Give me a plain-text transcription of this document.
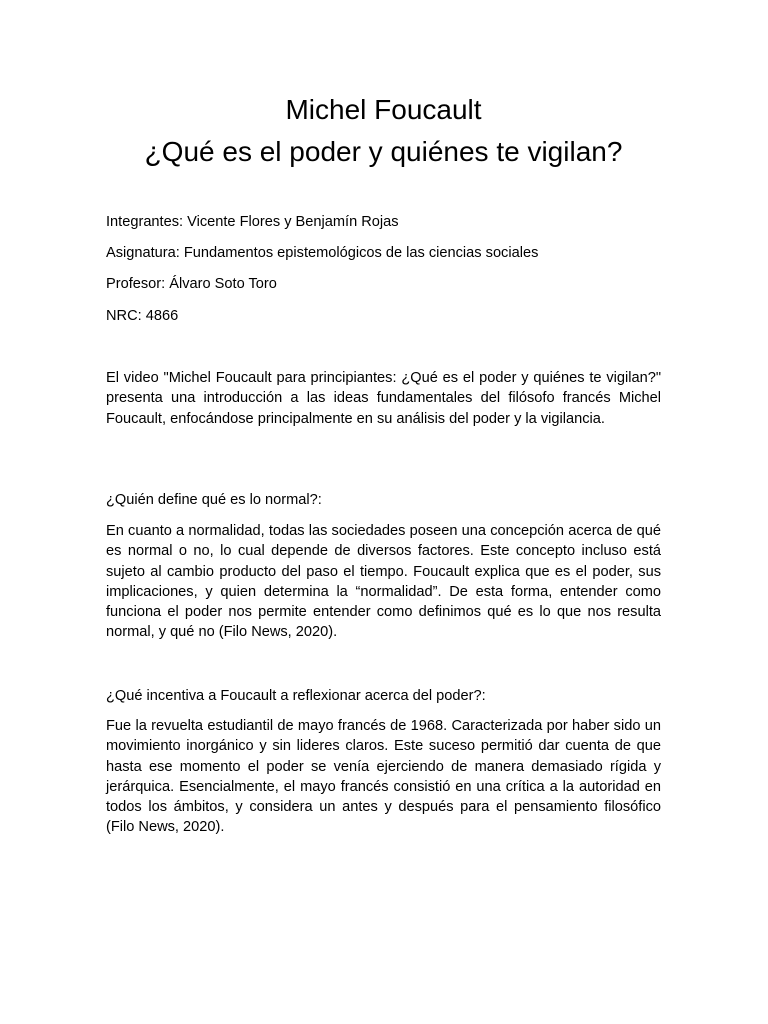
Michel Foucault
¿Qué es el poder y quiénes te vigilan?
Integrantes: Vicente Flores y Benjamín Rojas
Asignatura: Fundamentos epistemológicos de las ciencias sociales
Profesor: Álvaro Soto Toro
NRC: 4866

El video "Michel Foucault para principiantes: ¿Qué es el poder y quiénes te vigilan?" presenta una introducción a las ideas fundamentales del filósofo francés Michel Foucault, enfocándose principalmente en su análisis del poder y la vigilancia.

¿Quién define qué es lo normal?:

En cuanto a normalidad, todas las sociedades poseen una concepción acerca de qué es normal o no, lo cual depende de diversos factores. Este concepto incluso está sujeto al cambio producto del paso el tiempo. Foucault explica que es el poder, sus implicaciones, y quien determina la “normalidad”. De esta forma, entender como funciona el poder nos permite entender como definimos qué es lo que nos resulta normal, y qué no (Filo News, 2020).

¿Qué incentiva a Foucault a reflexionar acerca del poder?:

Fue la revuelta estudiantil de mayo francés de 1968. Caracterizada por haber sido un movimiento inorgánico y sin lideres claros. Este suceso permitió dar cuenta de que hasta ese momento el poder se venía ejerciendo de manera demasiado rígida y jerárquica. Esencialmente, el mayo francés consistió en una crítica a la autoridad en todos los ámbitos, y considera un antes y después para el pensamiento filosófico (Filo News, 2020).
